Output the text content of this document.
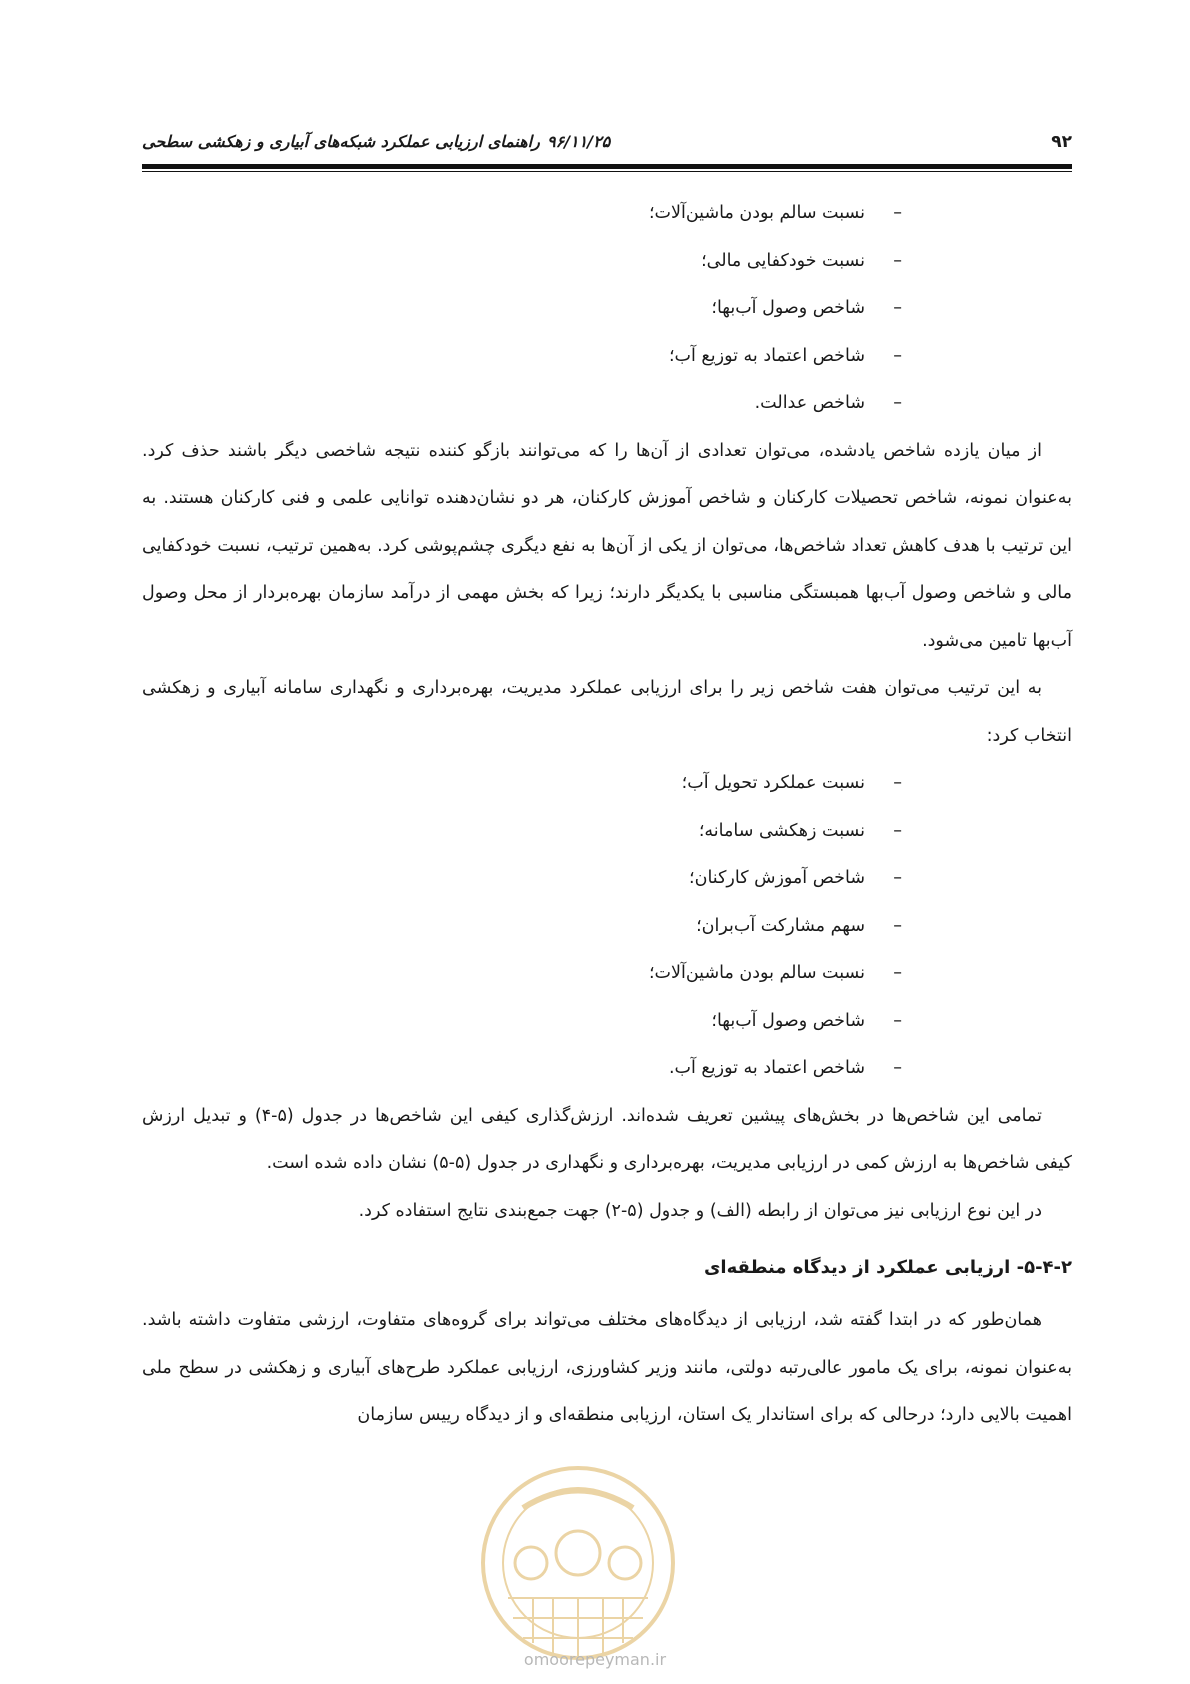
۹۲
۹۶/۱۱/۲۵
راهنمای ارزیابی عملکرد شبکه‌های آبیاری و زهکشی سطحی
– نسبت سالم بودن ماشین‌آلات؛
– نسبت خودکفایی مالی؛
– شاخص وصول آب‌بها؛
– شاخص اعتماد به توزیع آب؛
– شاخص عدالت.

از میان یازده شاخص یادشده، می‌توان تعدادی از آن‌ها را که می‌توانند بازگو کننده نتیجه شاخصی دیگر باشند حذف کرد. به‌عنوان نمونه، شاخص تحصیلات کارکنان و شاخص آموزش کارکنان، هر دو نشان‌دهنده توانایی علمی و فنی کارکنان هستند. به این ترتیب با هدف کاهش تعداد شاخص‌ها، می‌توان از یکی از آن‌ها به نفع دیگری چشم‌پوشی کرد. به‌همین ترتیب، نسبت خودکفایی مالی و شاخص وصول آب‌بها همبستگی مناسبی با یکدیگر دارند؛ زیرا که بخش مهمی از درآمد سازمان بهره‌بردار از محل وصول آب‌بها تامین می‌شود.

به این ترتیب می‌توان هفت شاخص زیر را برای ارزیابی عملکرد مدیریت، بهره‌برداری و نگهداری سامانه آبیاری و زهکشی انتخاب کرد:

– نسبت عملکرد تحویل آب؛
– نسبت زهکشی سامانه؛
– شاخص آموزش کارکنان؛
– سهم مشارکت آب‌بران؛
– نسبت سالم بودن ماشین‌آلات؛
– شاخص وصول آب‌بها؛
– شاخص اعتماد به توزیع آب.

تمامی این شاخص‌ها در بخش‌های پیشین تعریف شده‌اند. ارزش‌گذاری کیفی این شاخص‌ها در جدول (۵-۴) و تبدیل ارزش کیفی شاخص‌ها به ارزش کمی در ارزیابی مدیریت، بهره‌برداری و نگهداری در جدول (۵-۵) نشان داده شده است.

در این نوع ارزیابی نیز می‌توان از رابطه (الف) و جدول (۵-۲) جهت جمع‌بندی نتایج استفاده کرد.

۵-۴-۲- ارزیابی عملکرد از دیدگاه منطقه‌ای

همان‌طور که در ابتدا گفته شد، ارزیابی از دیدگاه‌های مختلف می‌تواند برای گروه‌های متفاوت، ارزشی متفاوت داشته باشد. به‌عنوان نمونه، برای یک مامور عالی‌رتبه دولتی، مانند وزیر کشاورزی، ارزیابی عملکرد طرح‌های آبیاری و زهکشی در سطح ملی اهمیت بالایی دارد؛ درحالی که برای استاندار یک استان، ارزیابی منطقه‌ای و از دیدگاه رییس سازمان

omoorepeyman.ir
